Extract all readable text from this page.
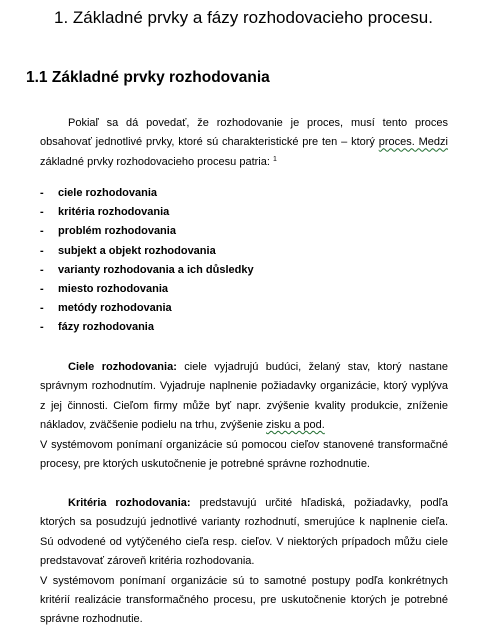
1. Základné prvky a fázy rozhodovacieho procesu.
1.1 Základné prvky rozhodovania

Pokiaľ sa dá povedať, že rozhodovanie je proces, musí tento proces obsahovať jednotlivé prvky, ktoré sú charakteristické pre ten – ktorý proces. Medzi základné prvky rozhodovacieho procesu patria: $^1$

- ciele rozhodovania
- kritéria rozhodovania
- problém rozhodovania
- subjekt a objekt rozhodovania
- varianty rozhodovania a ich důsledky
- miesto rozhodovania
- metódy rozhodovania
- fázy rozhodovania

Ciele rozhodovania: ciele vyjadrujú budúci, želaný stav, ktorý nastane správnym rozhodnutím. Vyjadruje naplnenie požiadavky organizácie, ktorý vyplýva z jej činnosti. Cieľom firmy může byť napr. zvýšenie kvality produkcie, zníženie nákladov, zväčšenie podielu na trhu, zvýšenie zisku a pod.

V systémovom ponímaní organizácie sú pomocou cieľov stanovené transformačné procesy, pre ktorých uskutočnenie je potrebné správne rozhodnutie.

Kritéria rozhodovania: predstavujú určité hľadiská, požiadavky, podľa ktorých sa posudzujú jednotlivé varianty rozhodnutí, smerujúce k naplnenie cieľa. Sú odvodené od vytýčeného cieľa resp. cieľov. V niektorých prípadoch můžu ciele predstavovať zároveň kritéria rozhodovania.

V systémovom ponímaní organizácie sú to samotné postupy podľa konkrétnych kritérií realizácie transformačného procesu, pre uskutočnenie ktorých je potrebné správne rozhodnutie.
